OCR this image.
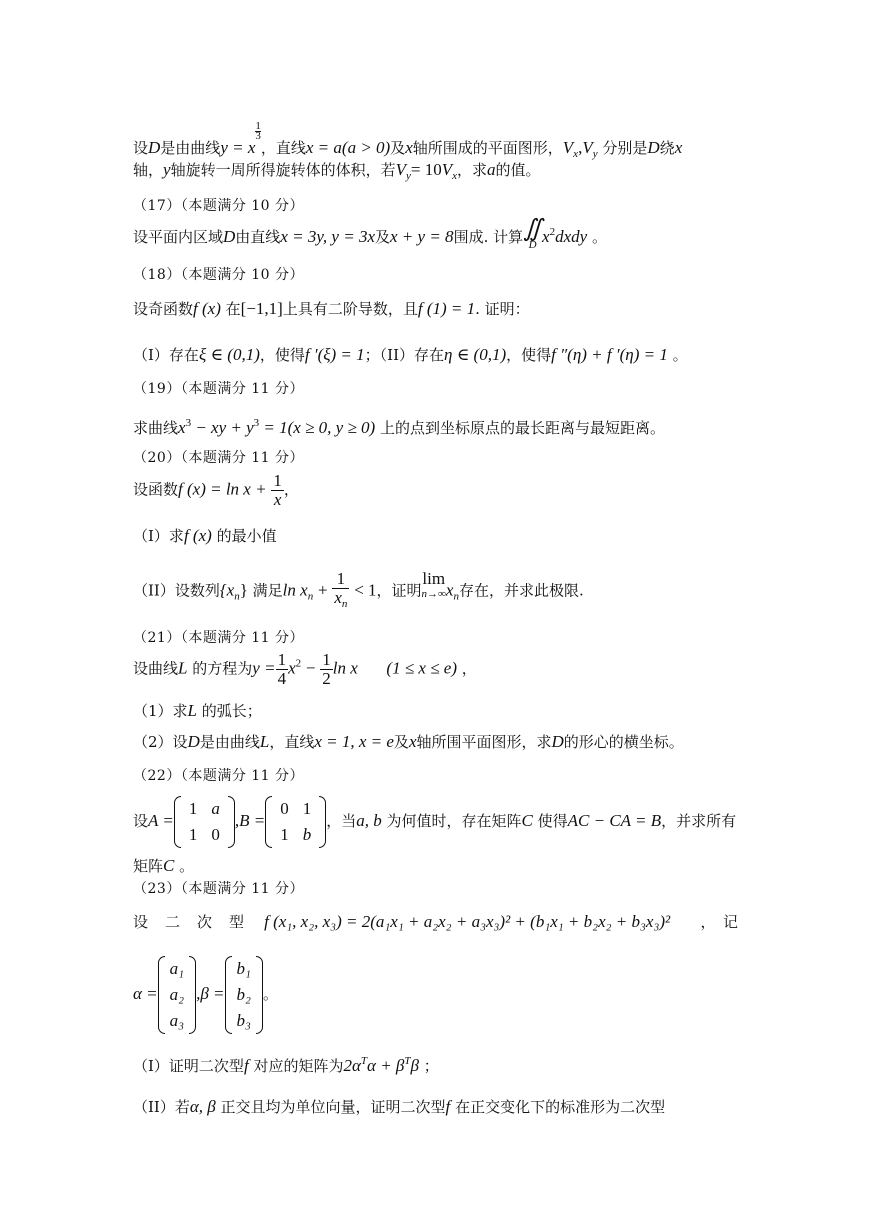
设D是由曲线y = x
$^{\frac{1}{3}}$
，直线x = a(a > 0)及x轴所围成的平面图形，$V_x,V_y$ 分别是D绕x
轴，y轴旋转一周所得旋转体的体积，若$V_y= 10V_x$，求a的值。
（17）（本题满分 10 分）
设平面内区域D由直线x = 3y, y = 3x及x + y = 8围成. 计算 ∬
D $x^2dxdy$ 。
（18）（本题满分 10 分）
设奇函数f (x) 在[−1,1]上具有二阶导数，且f (1) = 1. 证明：
（I）存在ξ ∈ (0,1)，使得f ′(ξ) = 1；（II）存在η ∈ (0,1)，使得f ″(η) + f ′(η) = 1 。
（19）（本题满分 11 分）
求曲线$x^3$ − xy + $y^3 = 1(x \ge 0$, y ≥ 0) 上的点到坐标原点的最长距离与最短距离。
（20）（本题满分 11 分）
设函数f $(x) = \ln x + \frac{1}{x}$ ，
（I）求f (x) 的最小值
（II）设数列$\{x_n\}$ 满足$\ln x_n + \frac{1}{x_n} < 1$，证明lim
n→∞ $x_n$存在，并求此极限.
（21）（本题满分 11 分）
设曲线L 的方程为$y = \frac{1}{4} x^2 - \frac{1}{2}$ ln x (1 ≤ x ≤ e) ，
（1）求L 的弧长；
（2）设D是由曲线L，直线x = 1, x = e及x轴所围平面图形，求D的形心的横坐标。
（22）（本题满分 11 分）
设A =
1	a
1	0
,B =
0	1
1	b
，当a, b 为何值时，存在矩阵C 使得AC − CA = B，并求所有
矩阵C 。
（23）（本题满分 11 分）
设　二　次　型 f (x₁, x₂, x₃) = 2(a₁x₁ + a₂x₂ + a₃x₃)² + (b₁x₁ + b₂x₂ + b₃x₃)² ，　记
α =
a₁
a₂
a₃
,β =
b₁
b₂
b₃
。
（I）证明二次型f 对应的矩阵为$2\alpha^T\alpha + \beta^T\beta$ ；
（II）若α, β 正交且均为单位向量，证明二次型f 在正交变化下的标准形为二次型
